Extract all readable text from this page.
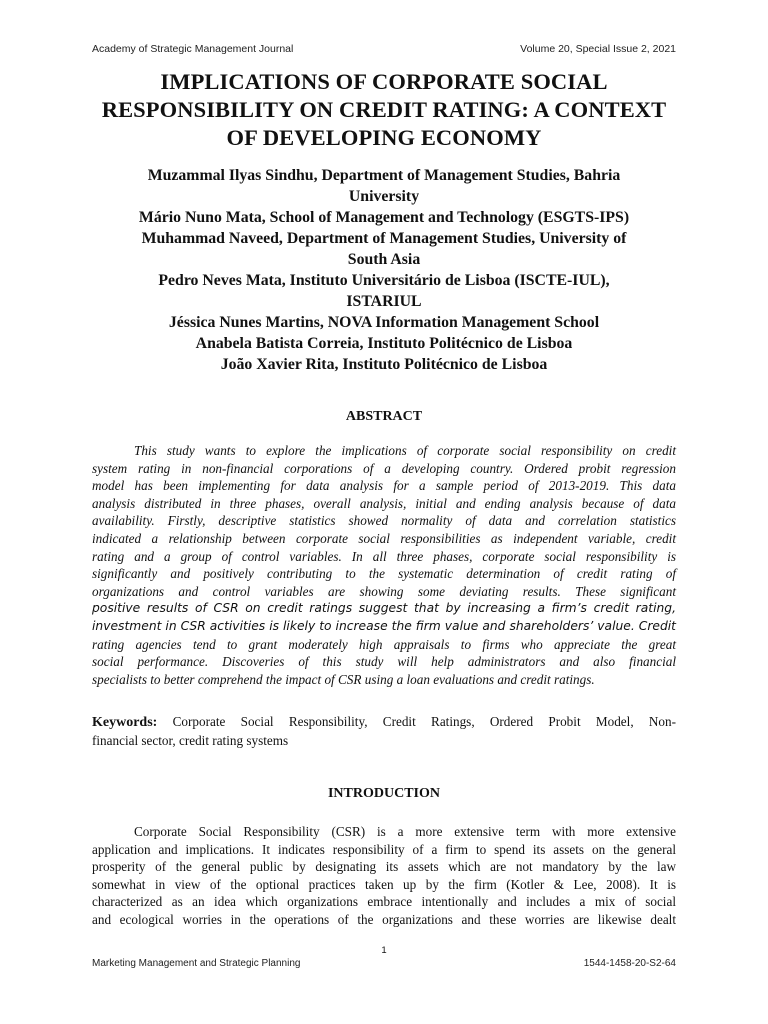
Academy of Strategic Management Journal	Volume 20, Special Issue 2, 2021
IMPLICATIONS OF CORPORATE SOCIAL
RESPONSIBILITY ON CREDIT RATING: A CONTEXT
OF DEVELOPING ECONOMY
Muzammal Ilyas Sindhu, Department of Management Studies, Bahria
University
Mário Nuno Mata, School of Management and Technology (ESGTS-IPS)
Muhammad Naveed, Department of Management Studies, University of
South Asia
Pedro Neves Mata, Instituto Universitário de Lisboa (ISCTE-IUL),
ISTARIUL
Jéssica Nunes Martins, NOVA Information Management School
Anabela Batista Correia, Instituto Politécnico de Lisboa
João Xavier Rita, Instituto Politécnico de Lisboa
ABSTRACT
This study wants to explore the implications of corporate social responsibility on credit
system rating in non-financial corporations of a developing country. Ordered probit regression
model has been implementing for data analysis for a sample period of 2013-2019. This data
analysis distributed in three phases, overall analysis, initial and ending analysis because of data
availability. Firstly, descriptive statistics showed normality of data and correlation statistics
indicated a relationship between corporate social responsibilities as independent variable, credit
rating and a group of control variables. In all three phases, corporate social responsibility is
significantly and positively contributing to the systematic determination of credit rating of
organizations and control variables are showing some deviating results. These significant
positive results of CSR on credit ratings suggest that by increasing a firm’s credit rating,
investment in CSR activities is likely to increase the firm value and shareholders’ value. Credit
rating agencies tend to grant moderately high appraisals to firms who appreciate the great
social performance. Discoveries of this study will help administrators and also financial
specialists to better comprehend the impact of CSR using a loan evaluations and credit ratings.
Keywords: Corporate Social Responsibility, Credit Ratings, Ordered Probit Model, Non-
financial sector, credit rating systems
INTRODUCTION
Corporate Social Responsibility (CSR) is a more extensive term with more extensive
application and implications. It indicates responsibility of a firm to spend its assets on the general
prosperity of the general public by designating its assets which are not mandatory by the law
somewhat in view of the optional practices taken up by the firm (Kotler & Lee, 2008). It is
characterized as an idea which organizations embrace intentionally and includes a mix of social
and ecological worries in the operations of the organizations and these worries are likewise dealt
1
Marketing Management and Strategic Planning	1544-1458-20-S2-64
